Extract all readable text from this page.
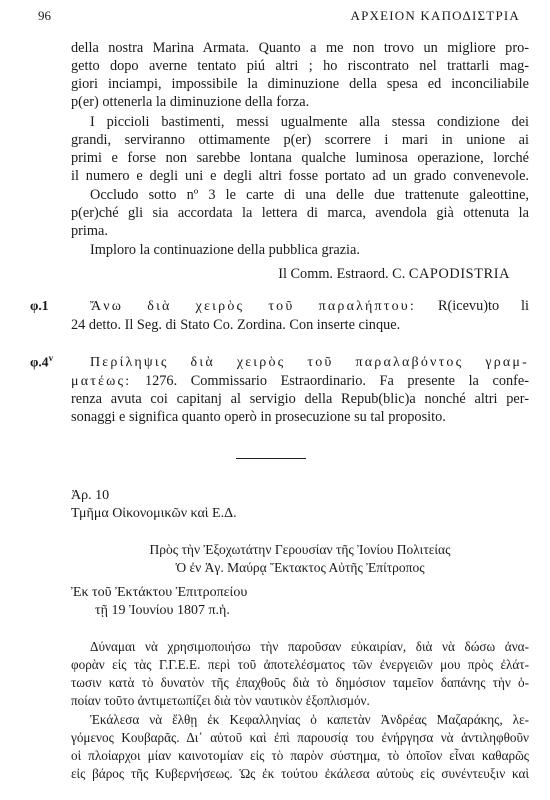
96	ΑΡΧΕΙΟΝ ΚΑΠΟΔΙΣΤΡΙΑ
della nostra Marina Armata. Quanto a me non trovo un migliore pro-
getto dopo averne tentato piú altri ; ho riscontrato nel trattarli mag-
giori inciampi, impossibile la diminuzione della spesa ed inconciliabile
p(er) ottenerla la diminuzione della forza.
I piccioli bastimenti, messi ugualmente alla stessa condizione dei
grandi, serviranno ottimamente p(er) scorrere i mari in unione ai
primi e forse non sarebbe lontana qualche luminosa operazione, lorché
il numero e degli uni e degli altri fosse portato ad un grado convenevole.
Occludo sotto nº 3 le carte di una delle due trattenute galeottine,
p(er)ché gli sia accordata la lettera di marca, avendola già ottenuta la
prima.
Imploro la continuazione della pubblica grazia.
Il Comm. Estraord. C. CAPODISTRIA
φ.1	Ἄνω διὰ χειρὸς τοῦ παραλήπτου: R(icevu)to li
24 detto. Il Seg. di Stato Co. Zordina. Con inserte cinque.
φ.4$^v$	Περίληψις διὰ χειρὸς τοῦ παραλαβόντος γραμ-
ματέως: 1276. Commissario Estraordinario. Fa presente la confe-
renza avuta coi capitanj al servigio della Repub(blic)a nonché altri per-
sonaggi e significa quanto operò in prosecuzione su tal proposito.
Ἀρ. 10
Τμῆμα Οἰκονομικῶν καὶ Ε.Δ.
Πρὸς τὴν Ἐξοχωτάτην Γερουσίαν τῆς Ἰονίου Πολιτείας
Ὁ ἐν Ἁγ. Μαύρᾳ Ἔκτακτος Αὐτῆς Ἐπίτροπος
Ἐκ τοῦ Ἐκτάκτου Ἐπιτροπείου
τῇ 19 Ἰουνίου 1807 π.ἡ.
Δύναμαι νὰ χρησιμοποιήσω τὴν παροῦσαν εὐκαιρίαν, διὰ νὰ δώσω ἀνα-
φορὰν εἰς τὰς Γ.Γ.Ε.Ε. περὶ τοῦ ἀποτελέσματος τῶν ἐνεργειῶν μου πρὸς ἐλάτ-
τωσιν κατὰ τὸ δυνατὸν τῆς ἐπαχθοῦς διὰ τὸ δημόσιον ταμεῖον δαπάνης τὴν ὁ-
ποίαν τοῦτο ἀντιμετωπίζει διὰ τὸν ναυτικὸν ἐξοπλισμόν.
Ἐκάλεσα νὰ ἔλθῃ ἐκ Κεφαλληνίας ὁ καπετὰν Ἀνδρέας Μαζαράκης, λε-
γόμενος Κουβαρᾶς. Δι᾽ αὐτοῦ καὶ ἐπὶ παρουσίᾳ του ἐνήργησα νὰ ἀντιληφθοῦν
οἱ πλοίαρχοι μίαν καινοτομίαν εἰς τὸ παρὸν σύστημα, τὸ ὁποῖον εἶναι καθαρῶς
εἰς βάρος τῆς Κυβερνήσεως. Ὡς ἐκ τούτου ἐκάλεσα αὐτοὺς εἰς συνέντευξιν καὶ
